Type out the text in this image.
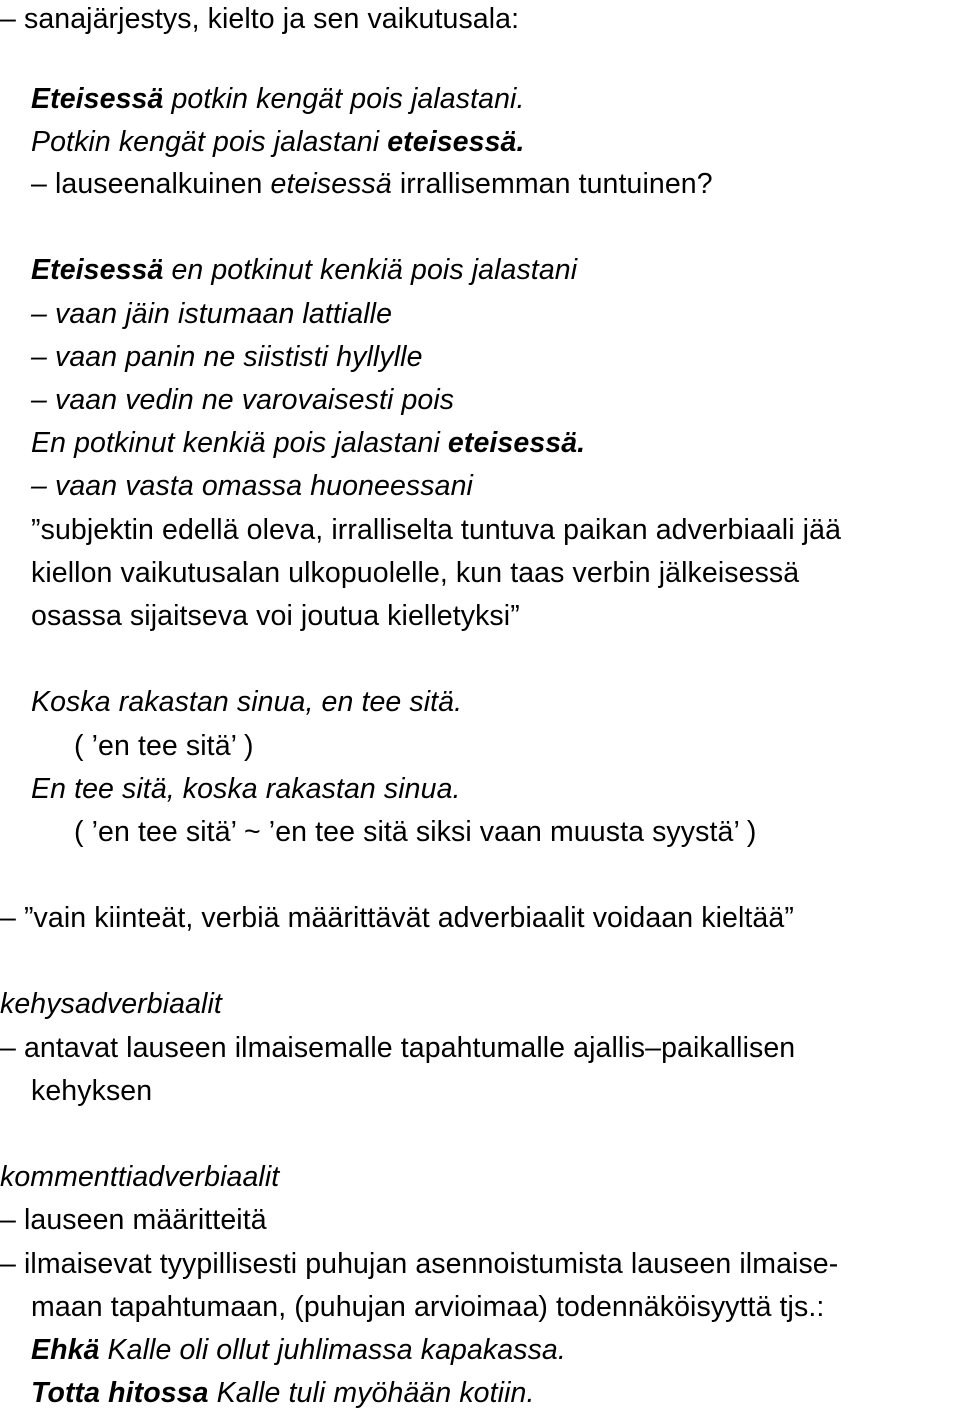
– sanajärjestys, kielto ja sen vaikutusala:
Eteisessä potkin kengät pois jalastani.
Potkin kengät pois jalastani eteisessä.
– lauseenalkuinen eteisessä irrallisemman tuntuinen?
Eteisessä en potkinut kenkiä pois jalastani
– vaan jäin istumaan lattialle
– vaan panin ne siististi hyllylle
– vaan vedin ne varovaisesti pois
En potkinut kenkiä pois jalastani eteisessä.
– vaan vasta omassa huoneessani
”subjektin edellä oleva, irralliselta tuntuva paikan adverbiaali jää
kiellon vaikutusalan ulkopuolelle, kun taas verbin jälkeisessä
osassa sijaitseva voi joutua kielletyksi”
Koska rakastan sinua, en tee sitä.
( ’en tee sitä’ )
En tee sitä, koska rakastan sinua.
( ’en tee sitä’ ~ ’en tee sitä siksi vaan muusta syystä’ )
– ”vain kiinteät, verbiä määrittävät adverbiaalit voidaan kieltää”
kehysadverbiaalit
– antavat lauseen ilmaisemalle tapahtumalle ajallis–paikallisen
kehyksen
kommenttiadverbiaalit
– lauseen määritteitä
– ilmaisevat tyypillisesti puhujan asennoistumista lauseen ilmaise-
maan tapahtumaan, (puhujan arvioimaa) todennäköisyyttä tjs.:
Ehkä Kalle oli ollut juhlimassa kapakassa.
Totta hitossa Kalle tuli myöhään kotiin.
